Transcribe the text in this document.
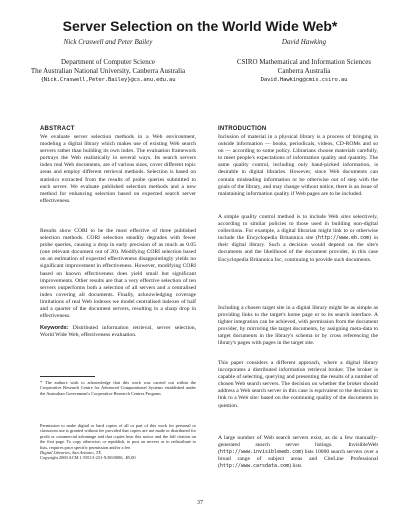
Server Selection on the World Wide Web*
Nick Craswell and Peter Bailey	David Hawking
Department of Computer Science
The Australian National University, Canberra Australia
CSIRO Mathematical and Information Sciences
Canberra Australia
{Nick.Craswell,Peter.Bailey}@cs.anu.edu.au	David.Hawking@cmis.csiro.au
ABSTRACT
We evaluate server selection methods in a Web environment, modeling a digital library which makes use of existing Web search servers rather than building its own index. The evaluation framework portrays the Web realistically in several ways. Its search servers index real Web documents, are of various sizes, cover different topic areas and employ different retrieval methods. Selection is based on statistics extracted from the results of probe queries submitted to each server. We evaluate published selection methods and a new method for enhancing selection based on expected search server effectiveness.
Results show CORI to be the most effective of three published selection methods. CORI selection steadily degrades with fewer probe queries, causing a drop in early precision of as much as 0.05 (one relevant document out of 20). Modifying CORI selection based on an estimation of expected effectiveness disappointingly yields no significant improvement in effectiveness. However, modifying CORI based on known effectiveness does yield small but significant improvements. Other results are that a very effective selection of ten servers outperforms both a selection of all servers and a centralised index covering all documents. Finally, acknowledging coverage limitations of real Web indexes we model centralised indexes of half and a quarter of the document servers, resulting in a sharp drop in effectiveness.
Keywords: Distributed information retrieval, server selection, World Wide Web, effectiveness evaluation.
* The authors wish to acknowledge that this work was carried out within the Cooperative Research Centre for Advanced Computational Systems established under the Australian Government's Cooperative Research Centres Program.
Permission to make digital or hard copies of all or part of this work for personal or classroom use is granted without fee provided that copies are not made or distributed for profit or commercial advantage and that copies bear this notice and the full citation on the first page. To copy otherwise, or republish, to post on servers or to redistribute to lists, requires prior specific permission and/or a fee.
Digital Libraries, San Antonio, TX.
Copyright 2000 ACM 1-58113-231-X/00/0006...$5.00
INTRODUCTION
Inclusion of material in a physical library is a process of bringing in outside information — books, periodicals, videos, CD-ROMs and so on — according to some policy. Librarians choose materials carefully, to meet people's expectations of information quality and quantity. The same quality control, including only hand-picked information, is desirable in digital libraries. However, since Web documents can contain misleading information or be otherwise out of step with the goals of the library, and may change without notice, there is an issue of maintaining information quality if Web pages are to be included.
A simple quality control method is to include Web sites selectively, according to similar policies to those used in building non-digital collections. For example, a digital librarian might link to or otherwise include the Encyclopedia Britannica site (http://www.eb.com) in their digital library. Such a decision would depend on the site's documents and the likelihood of the document provider, in this case Encyclopedia Britannica Inc, continuing to provide such documents.
Including a chosen target site in a digital library might be as simple as providing links to the target's home page or to its search interface. A tighter integration can be achieved, with permission from the document provider, by mirroring the target documents, by assigning meta-data to target documents in the library's schema or by cross referencing the library's pages with pages in the target site.
This paper considers a different approach, where a digital library incorporates a distributed information retrieval broker. The broker is capable of selecting, querying and presenting the results of a number of chosen Web search servers. The decision on whether the broker should address a Web search server in this case is equivalent to the decision to link to a Web site: based on the continuing quality of the documents in question.
A large number of Web search servers exist, as do a few manually-generated search server listings. InvisibleWeb (http://www.invisibleweb.com) lists 10000 search servers over a broad range of subject areas and CiteLine Professional (http://www.carsdata.com) lists
37
